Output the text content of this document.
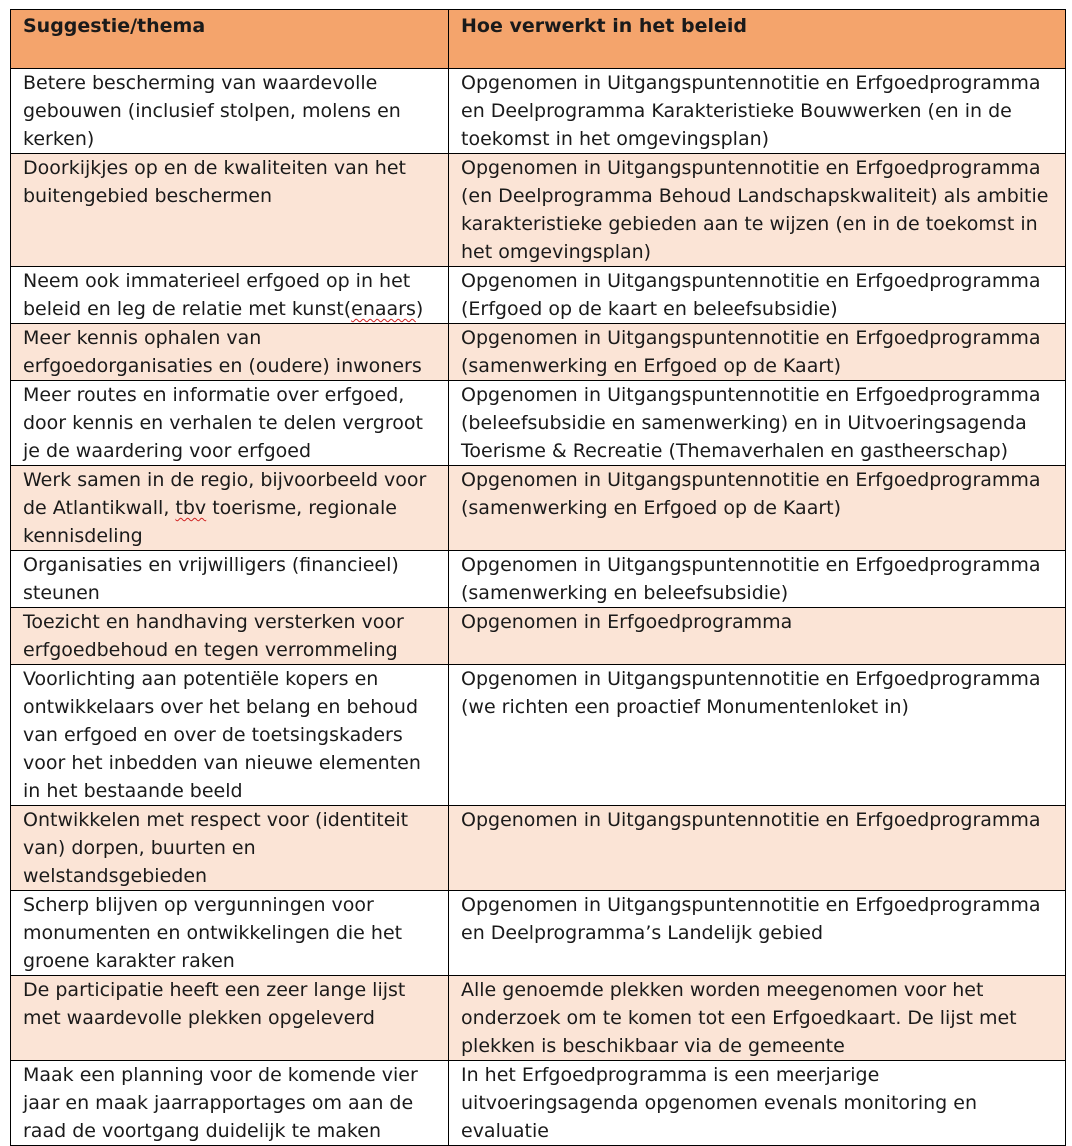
Suggestie/thema	Hoe verwerkt in het beleid
Betere bescherming van waardevolle gebouwen (inclusief stolpen, molens en kerken)	Opgenomen in Uitgangspuntennotitie en Erfgoedprogramma en Deelprogramma Karakteristieke Bouwwerken (en in de toekomst in het omgevingsplan)
Doorkijkjes op en de kwaliteiten van het buitengebied beschermen	Opgenomen in Uitgangspuntennotitie en Erfgoedprogramma (en Deelprogramma Behoud Landschapskwaliteit) als ambitie karakteristieke gebieden aan te wijzen (en in de toekomst in het omgevingsplan)
Neem ook immaterieel erfgoed op in het beleid en leg de relatie met kunst(enaars)	Opgenomen in Uitgangspuntennotitie en Erfgoedprogramma (Erfgoed op de kaart en beleefsubsidie)
Meer kennis ophalen van erfgoedorganisaties en (oudere) inwoners	Opgenomen in Uitgangspuntennotitie en Erfgoedprogramma (samenwerking en Erfgoed op de Kaart)
Meer routes en informatie over erfgoed, door kennis en verhalen te delen vergroot je de waardering voor erfgoed	Opgenomen in Uitgangspuntennotitie en Erfgoedprogramma (beleefsubsidie en samenwerking) en in Uitvoeringsagenda Toerisme & Recreatie (Themaverhalen en gastheerschap)
Werk samen in de regio, bijvoorbeeld voor de Atlantikwall, tbv toerisme, regionale kennisdeling	Opgenomen in Uitgangspuntennotitie en Erfgoedprogramma (samenwerking en Erfgoed op de Kaart)
Organisaties en vrijwilligers (financieel) steunen	Opgenomen in Uitgangspuntennotitie en Erfgoedprogramma (samenwerking en beleefsubsidie)
Toezicht en handhaving versterken voor erfgoedbehoud en tegen verrommeling	Opgenomen in Erfgoedprogramma
Voorlichting aan potentiële kopers en ontwikkelaars over het belang en behoud van erfgoed en over de toetsingskaders voor het inbedden van nieuwe elementen in het bestaande beeld	Opgenomen in Uitgangspuntennotitie en Erfgoedprogramma (we richten een proactief Monumentenloket in)
Ontwikkelen met respect voor (identiteit van) dorpen, buurten en welstandsgebieden	Opgenomen in Uitgangspuntennotitie en Erfgoedprogramma
Scherp blijven op vergunningen voor monumenten en ontwikkelingen die het groene karakter raken	Opgenomen in Uitgangspuntennotitie en Erfgoedprogramma en Deelprogramma’s Landelijk gebied
De participatie heeft een zeer lange lijst met waardevolle plekken opgeleverd	Alle genoemde plekken worden meegenomen voor het onderzoek om te komen tot een Erfgoedkaart. De lijst met plekken is beschikbaar via de gemeente
Maak een planning voor de komende vier jaar en maak jaarrapportages om aan de raad de voortgang duidelijk te maken	In het Erfgoedprogramma is een meerjarige uitvoeringsagenda opgenomen evenals monitoring en evaluatie
